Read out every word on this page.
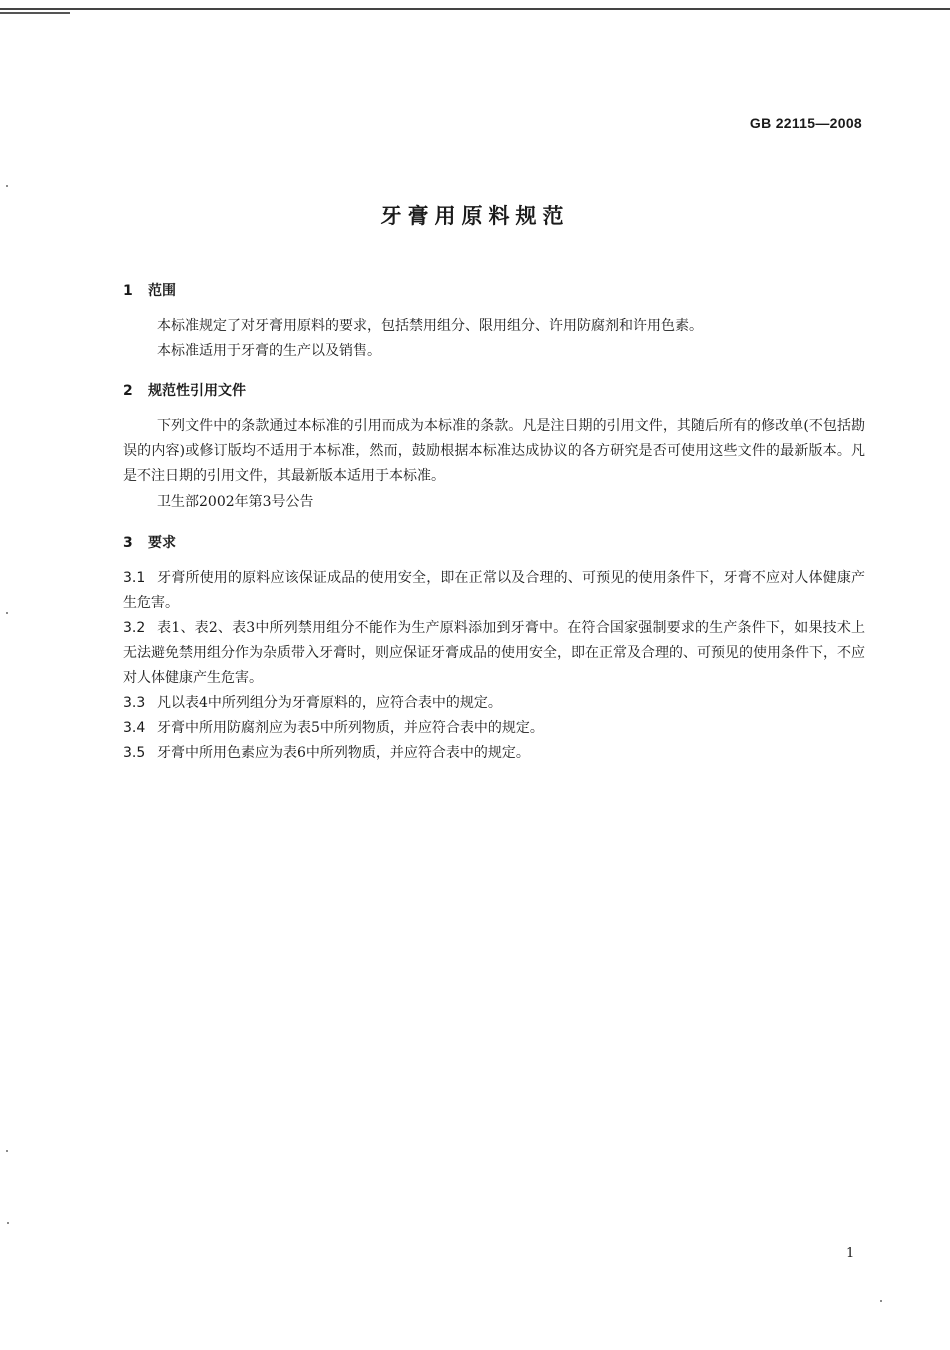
GB 22115—2008
牙膏用原料规范
1 范围
本标准规定了对牙膏用原料的要求，包括禁用组分、限用组分、许用防腐剂和许用色素。
本标准适用于牙膏的生产以及销售。
2 规范性引用文件
下列文件中的条款通过本标准的引用而成为本标准的条款。凡是注日期的引用文件，其随后所有的修改单(不包括勘误的内容)或修订版均不适用于本标准，然而，鼓励根据本标准达成协议的各方研究是否可使用这些文件的最新版本。凡是不注日期的引用文件，其最新版本适用于本标准。
卫生部2002年第3号公告
3 要求
3.1 牙膏所使用的原料应该保证成品的使用安全，即在正常以及合理的、可预见的使用条件下，牙膏不应对人体健康产生危害。
3.2 表1、表2、表3中所列禁用组分不能作为生产原料添加到牙膏中。在符合国家强制要求的生产条件下，如果技术上无法避免禁用组分作为杂质带入牙膏时，则应保证牙膏成品的使用安全，即在正常及合理的、可预见的使用条件下，不应对人体健康产生危害。
3.3 凡以表4中所列组分为牙膏原料的，应符合表中的规定。
3.4 牙膏中所用防腐剂应为表5中所列物质，并应符合表中的规定。
3.5 牙膏中所用色素应为表6中所列物质，并应符合表中的规定。
1
